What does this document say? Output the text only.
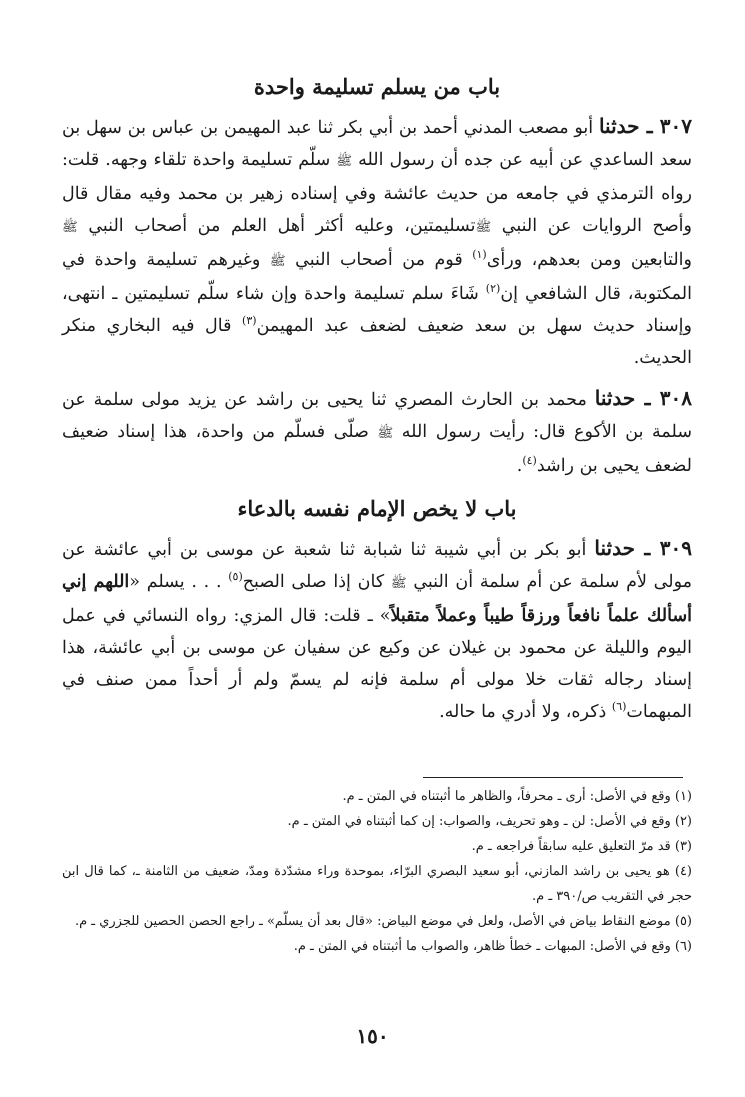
باب من يسلم تسليمة واحدة

٣٠٧ ـ حدثنا أبو مصعب المدني أحمد بن أبي بكر ثنا عبد المهيمن بن عباس بن سهل بن سعد الساعدي عن أبيه عن جده أن رسول الله ﷺ سلّم تسليمة واحدة تلقاء وجهه. قلت: رواه الترمذي في جامعه من حديث عائشة وفي إسناده زهير بن محمد وفيه مقال قال وأصح الروايات عن النبي ﷺتسليمتين، وعليه أكثر أهل العلم من أصحاب النبي ﷺ والتابعين ومن بعدهم، ورأى$^{(١)}$ قوم من أصحاب النبي ﷺ وغيرهم تسليمة واحدة في المكتوبة، قال الشافعي إن$^{(٢)}$ شَاءَ سلم تسليمة واحدة وإن شاء سلّم تسليمتين ـ انتهى، وإسناد حديث سهل بن سعد ضعيف لضعف عبد المهيمن$^{(٣)}$ قال فيه البخاري منكر الحديث.

٣٠٨ ـ حدثنا محمد بن الحارث المصري ثنا يحيى بن راشد عن يزيد مولى سلمة عن سلمة بن الأكوع قال: رأيت رسول الله ﷺ صلّى فسلّم من واحدة، هذا إسناد ضعيف لضعف يحيى بن راشد$^{(٤)}$.

باب لا يخص الإمام نفسه بالدعاء

٣٠٩ ـ حدثنا أبو بكر بن أبي شيبة ثنا شبابة ثنا شعبة عن موسى بن أبي عائشة عن مولى لأم سلمة عن أم سلمة أن النبي ﷺ كان إذا صلى الصبح$^{(٥)}$ . . . يسلم «اللهم إني أسألك علماً نافعاً ورزقاً طيباً وعملاً متقبلاً» ـ قلت: قال المزي: رواه النسائي في عمل اليوم والليلة عن محمود بن غيلان عن وكيع عن سفيان عن موسى بن أبي عائشة، هذا إسناد رجاله ثقات خلا مولى أم سلمة فإنه لم يسمّ ولم أر أحداً ممن صنف في المبهمات$^{(٦)}$ ذكره، ولا أدري ما حاله.

(١) وقع في الأصل: أرى ـ محرفاً، والظاهر ما أثبتناه في المتن ـ م.

(٢) وقع في الأصل: لن ـ وهو تحريف، والصواب: إن كما أثبتناه في المتن ـ م.

(٣) قد مرّ التعليق عليه سابقاً فراجعه ـ م.

(٤) هو يحيى بن راشد المازني، أبو سعيد البصري البرّاء، بموحدة وراء مشدّدة ومدّ، ضعيف من الثامنة ـ، كما قال ابن حجر في التقريب ص/٣٩٠ ـ م.

(٥) موضع النقاط بياض في الأصل، ولعل في موضع البياض: «قال بعد أن يسلّم» ـ راجع الحصن الحصين للجزري ـ م.

(٦) وقع في الأصل: المبهات ـ خطأ ظاهر، والصواب ما أثبتناه في المتن ـ م.

١٥٠
